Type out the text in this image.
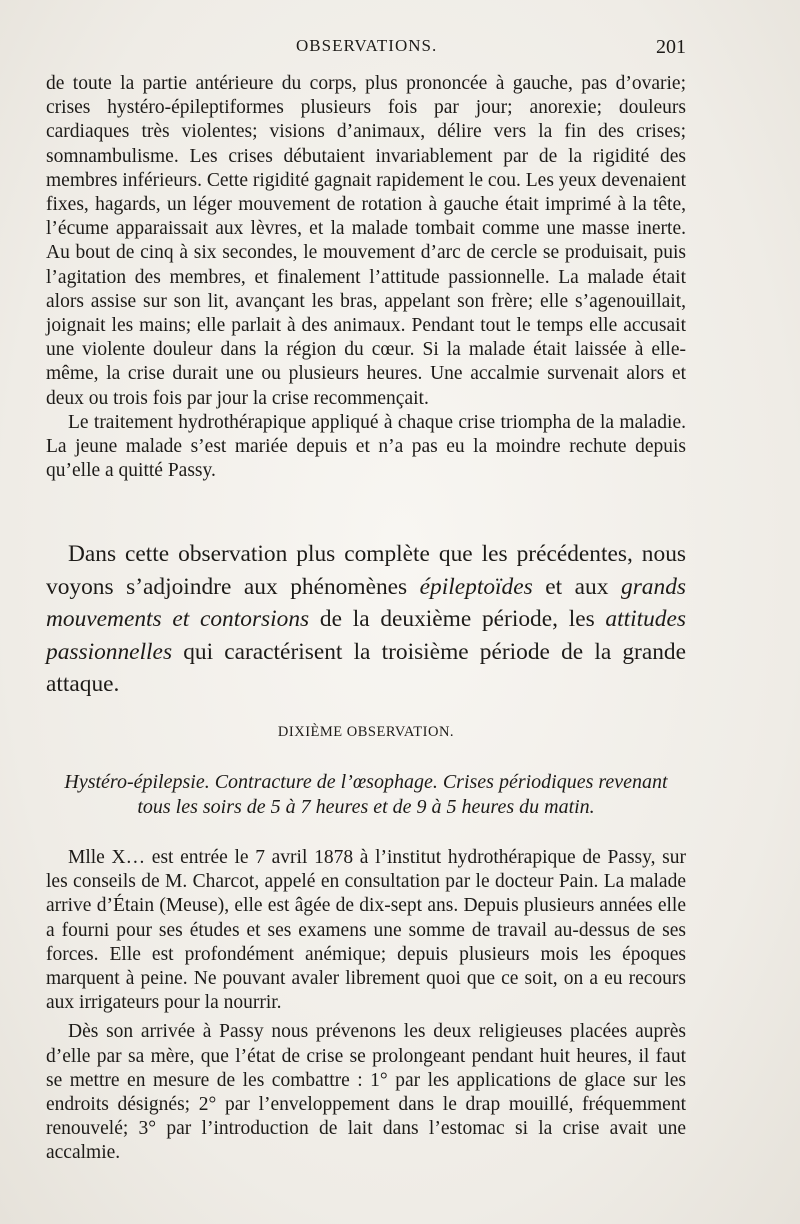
OBSERVATIONS.	201

de toute la partie antérieure du corps, plus prononcée à gauche, pas d’ovarie; crises hystéro-épileptiformes plusieurs fois par jour; anorexie; douleurs cardiaques très violentes; visions d’animaux, délire vers la fin des crises; somnambulisme. Les crises débutaient invariablement par de la rigidité des membres inférieurs. Cette rigidité gagnait rapidement le cou. Les yeux devenaient fixes, hagards, un léger mouvement de rotation à gauche était imprimé à la tête, l’écume apparaissait aux lèvres, et la malade tombait comme une masse inerte. Au bout de cinq à six secondes, le mouvement d’arc de cercle se produisait, puis l’agitation des membres, et finalement l’attitude passionnelle. La malade était alors assise sur son lit, avançant les bras, appelant son frère; elle s’agenouillait, joignait les mains; elle parlait à des animaux. Pendant tout le temps elle accusait une violente douleur dans la région du cœur. Si la malade était laissée à elle-même, la crise durait une ou plusieurs heures. Une accalmie survenait alors et deux ou trois fois par jour la crise recommençait.

Le traitement hydrothérapique appliqué à chaque crise triompha de la maladie. La jeune malade s’est mariée depuis et n’a pas eu la moindre rechute depuis qu’elle a quitté Passy.

Dans cette observation plus complète que les précédentes, nous voyons s’adjoindre aux phénomènes épileptoïdes et aux grands mouvements et contorsions de la deuxième période, les attitudes passionnelles qui caractérisent la troisième période de la grande attaque.

DIXIÈME OBSERVATION.
Hystéro-épilepsie. Contracture de l’œsophage. Crises périodiques revenant
tous les soirs de 5 à 7 heures et de 9 à 5 heures du matin.

Mlle X… est entrée le 7 avril 1878 à l’institut hydrothérapique de Passy, sur les conseils de M. Charcot, appelé en consultation par le docteur Pain. La malade arrive d’Étain (Meuse), elle est âgée de dix-sept ans. Depuis plusieurs années elle a fourni pour ses études et ses examens une somme de travail au-dessus de ses forces. Elle est profondément anémique; depuis plusieurs mois les époques marquent à peine. Ne pouvant avaler librement quoi que ce soit, on a eu recours aux irrigateurs pour la nourrir.

Dès son arrivée à Passy nous prévenons les deux religieuses placées auprès d’elle par sa mère, que l’état de crise se prolongeant pendant huit heures, il faut se mettre en mesure de les combattre : 1° par les applications de glace sur les endroits désignés; 2° par l’enveloppement dans le drap mouillé, fréquemment renouvelé; 3° par l’introduction de lait dans l’estomac si la crise avait une accalmie.
